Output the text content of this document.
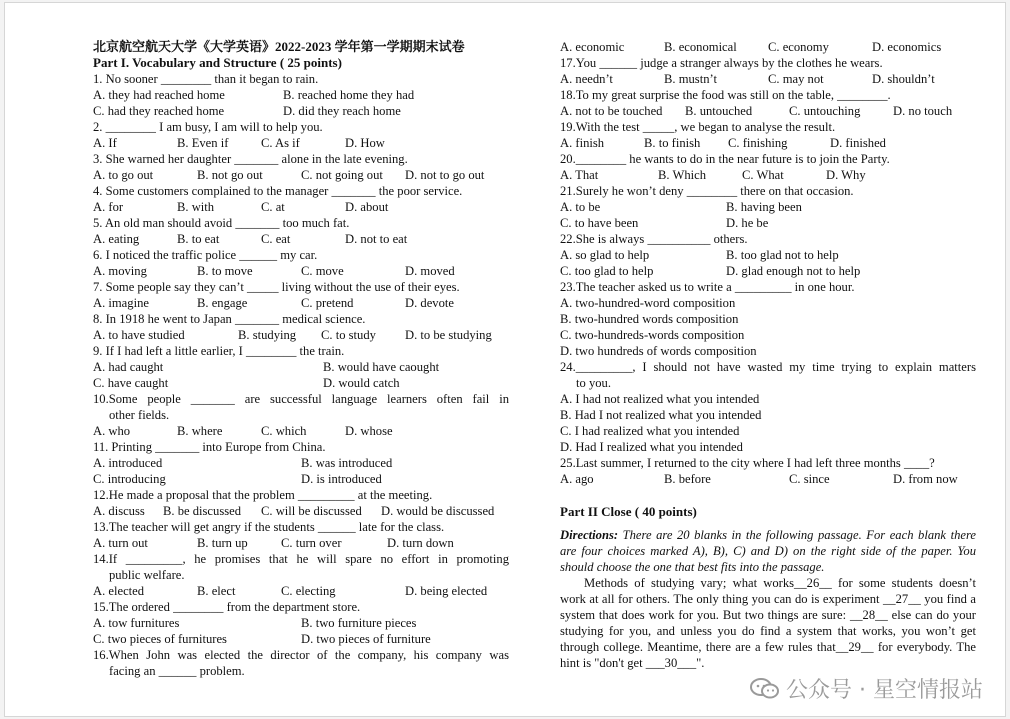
北京航空航天大学《大学英语》2022-2023 学年第一学期期末试卷
Part I. Vocabulary and Structure ( 25 points)
1. No sooner ________ than it began to rain.
A. they had reached home	B. reached home they had
C. had they reached home	D. did they reach home
2. ________ I am busy, I am will to help you.
A. If	B. Even if	C. As if	D. How
3. She warned her daughter _______ alone in the late evening.
A. to go out	B. not go out	C. not going out D. not to go out
4. Some customers complained to the manager _______ the poor service.
A. for	B. with	C. at	D. about
5. An old man should avoid _______ too much fat.
A. eating	B. to eat	C. eat	D. not to eat
6. I noticed the traffic police ______ my car.
A. moving	B. to move	C. move	D. moved
7. Some people say they can’t _____ living without the use of their eyes.
A. imagine	B. engage	C. pretend	D. devote
8. In 1918 he went to Japan _______ medical science.
A. to have studied	B. studying C. to study D. to be studying
9. If I had left a little earlier, I ________ the train.
A. had caught	B. would have caought
C. have caught	D. would catch
10.Some people _______ are successful language learners often fail in
other fields.
A. who	B. where	C. which	D. whose
11. Printing _______ into Europe from China.
A. introduced	B. was introduced
C. introducing	D. is introduced
12.He made a proposal that the problem _________ at the meeting.
A. discuss B. be discussed C. will be discussed D. would be discussed
13.The teacher will get angry if the students ______ late for the class.
A. turn out	B. turn up	C. turn over	D. turn down
14.If _________, he promises that he will spare no effort in promoting
public welfare.
A. elected	B. elect	C. electing	D. being elected
15.The ordered ________ from the department store.
A. tow furnitures	B. two furniture pieces
C. two pieces of furnitures	D. two pieces of furniture
16.When John was elected the director of the company, his company was
facing an ______ problem.
A. economic	B. economical C. economy	D. economics
17.You ______ judge a stranger always by the clothes he wears.
A. needn’t	B. mustn’t	C. may not	D. shouldn’t
18.To my great surprise the food was still on the table, ________.
A. not to be touched B. untouched	C. untouching	D. no touch
19.With the test _____, we began to analyse the result.
A. finish	B. to finish C. finishing	D. finished
20.________ he wants to do in the near future is to join the Party.
A. That	B. Which	C. What	D. Why
21.Surely he won’t deny ________ there on that occasion.
A. to be	B. having been
C. to have been	D. he be
22.She is always __________ others.
A. so glad to help	B. too glad not to help
C. too glad to help	D. glad enough not to help
23.The teacher asked us to write a _________ in one hour.
A. two-hundred-word composition
B. two-hundred words composition
C. two-hundreds-words composition
D. two hundreds of words composition
24._________, I should not have wasted my time trying to explain matters
to you.
A. I had not realized what you intended
B. Had I not realized what you intended
C. I had realized what you intended
D. Had I realized what you intended
25.Last summer, I returned to the city where I had left three months ____?
A. ago	B. before	C. since	D. from now
Part II Close ( 40 points)
Directions: There are 20 blanks in the following passage. For each blank there are four choices marked A), B), C) and D) on the right side of the paper. You should choose the one that best fits into the passage.
Methods of studying vary; what works__26__ for some students doesn’t work at all for others. The only thing you can do is experiment __27__ you find a system that does work for you. But two things are sure: __28__ else can do your studying for you, and unless you do find a system that works, you won’t get through college. Meantime, there are a few rules that__29__ for everybody. The hint is "don't get ___30___".
公众号 · 星空情报站
